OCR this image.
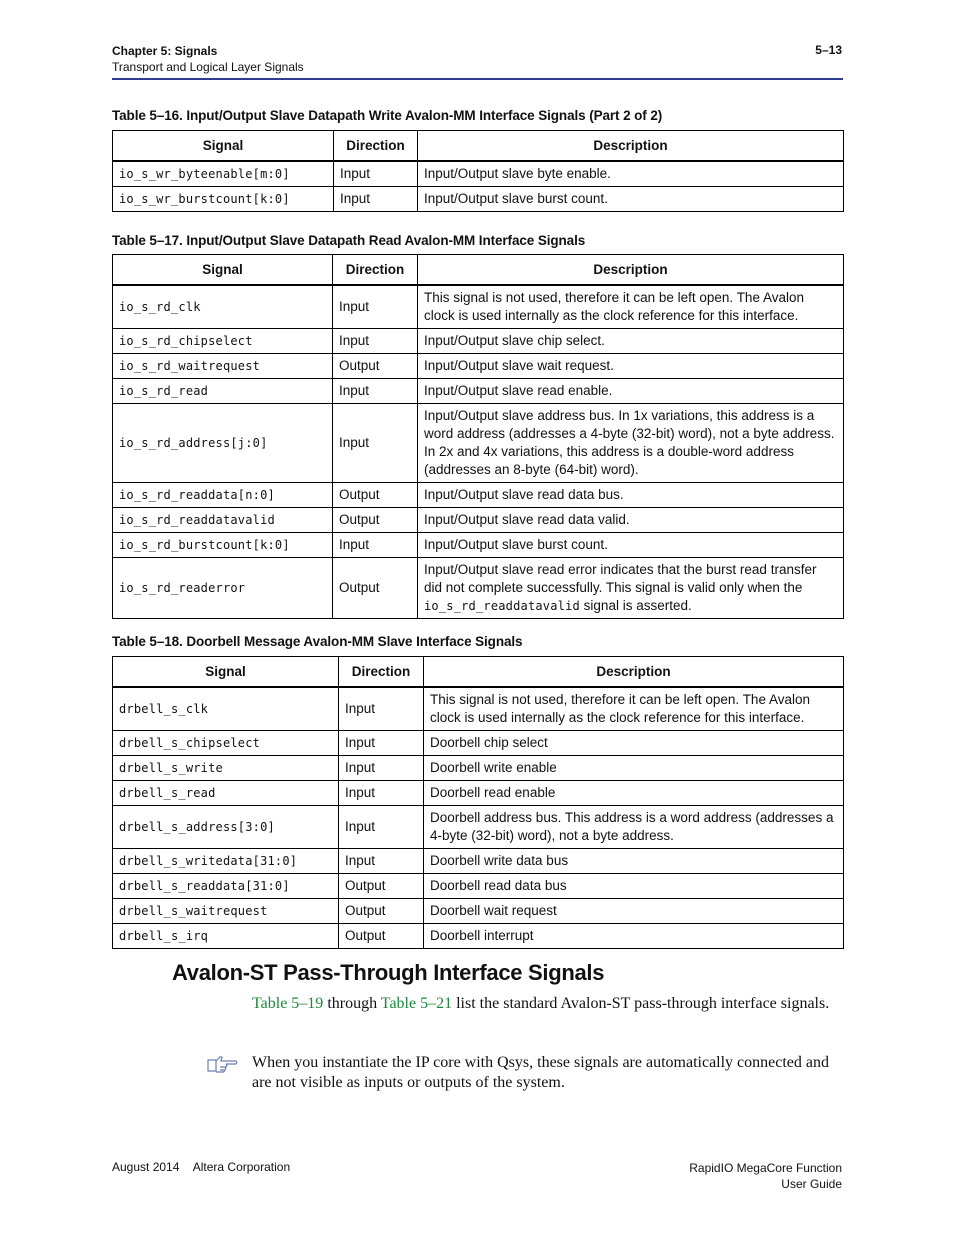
Chapter 5: Signals
Transport and Logical Layer Signals
5–13
Table 5–16. Input/Output Slave Datapath Write Avalon-MM Interface Signals (Part 2 of 2)
Signal	Direction	Description
io_s_wr_byteenable[m:0]	Input	Input/Output slave byte enable.
io_s_wr_burstcount[k:0]	Input	Input/Output slave burst count.
Table 5–17. Input/Output Slave Datapath Read Avalon-MM Interface Signals
Signal	Direction	Description
io_s_rd_clk	Input	This signal is not used, therefore it can be left open. The Avalon clock is used internally as the clock reference for this interface.
io_s_rd_chipselect	Input	Input/Output slave chip select.
io_s_rd_waitrequest	Output	Input/Output slave wait request.
io_s_rd_read	Input	Input/Output slave read enable.
io_s_rd_address[j:0]	Input	Input/Output slave address bus. In 1x variations, this address is a word address (addresses a 4-byte (32-bit) word), not a byte address. In 2x and 4x variations, this address is a double-word address (addresses an 8-byte (64-bit) word).
io_s_rd_readdata[n:0]	Output	Input/Output slave read data bus.
io_s_rd_readdatavalid	Output	Input/Output slave read data valid.
io_s_rd_burstcount[k:0]	Input	Input/Output slave burst count.
io_s_rd_readerror	Output	Input/Output slave read error indicates that the burst read transfer did not complete successfully. This signal is valid only when the io_s_rd_readdatavalid signal is asserted.
Table 5–18. Doorbell Message Avalon-MM Slave Interface Signals
Signal	Direction	Description
drbell_s_clk	Input	This signal is not used, therefore it can be left open. The Avalon clock is used internally as the clock reference for this interface.
drbell_s_chipselect	Input	Doorbell chip select
drbell_s_write	Input	Doorbell write enable
drbell_s_read	Input	Doorbell read enable
drbell_s_address[3:0]	Input	Doorbell address bus. This address is a word address (addresses a 4-byte (32-bit) word), not a byte address.
drbell_s_writedata[31:0]	Input	Doorbell write data bus
drbell_s_readdata[31:0]	Output	Doorbell read data bus
drbell_s_waitrequest	Output	Doorbell wait request
drbell_s_irq	Output	Doorbell interrupt
Avalon-ST Pass-Through Interface Signals
Table 5–19 through Table 5–21 list the standard Avalon-ST pass-through interface signals.
When you instantiate the IP core with Qsys, these signals are automatically connected and are not visible as inputs or outputs of the system.
August 2014 Altera Corporation	RapidIO MegaCore Function
User Guide
